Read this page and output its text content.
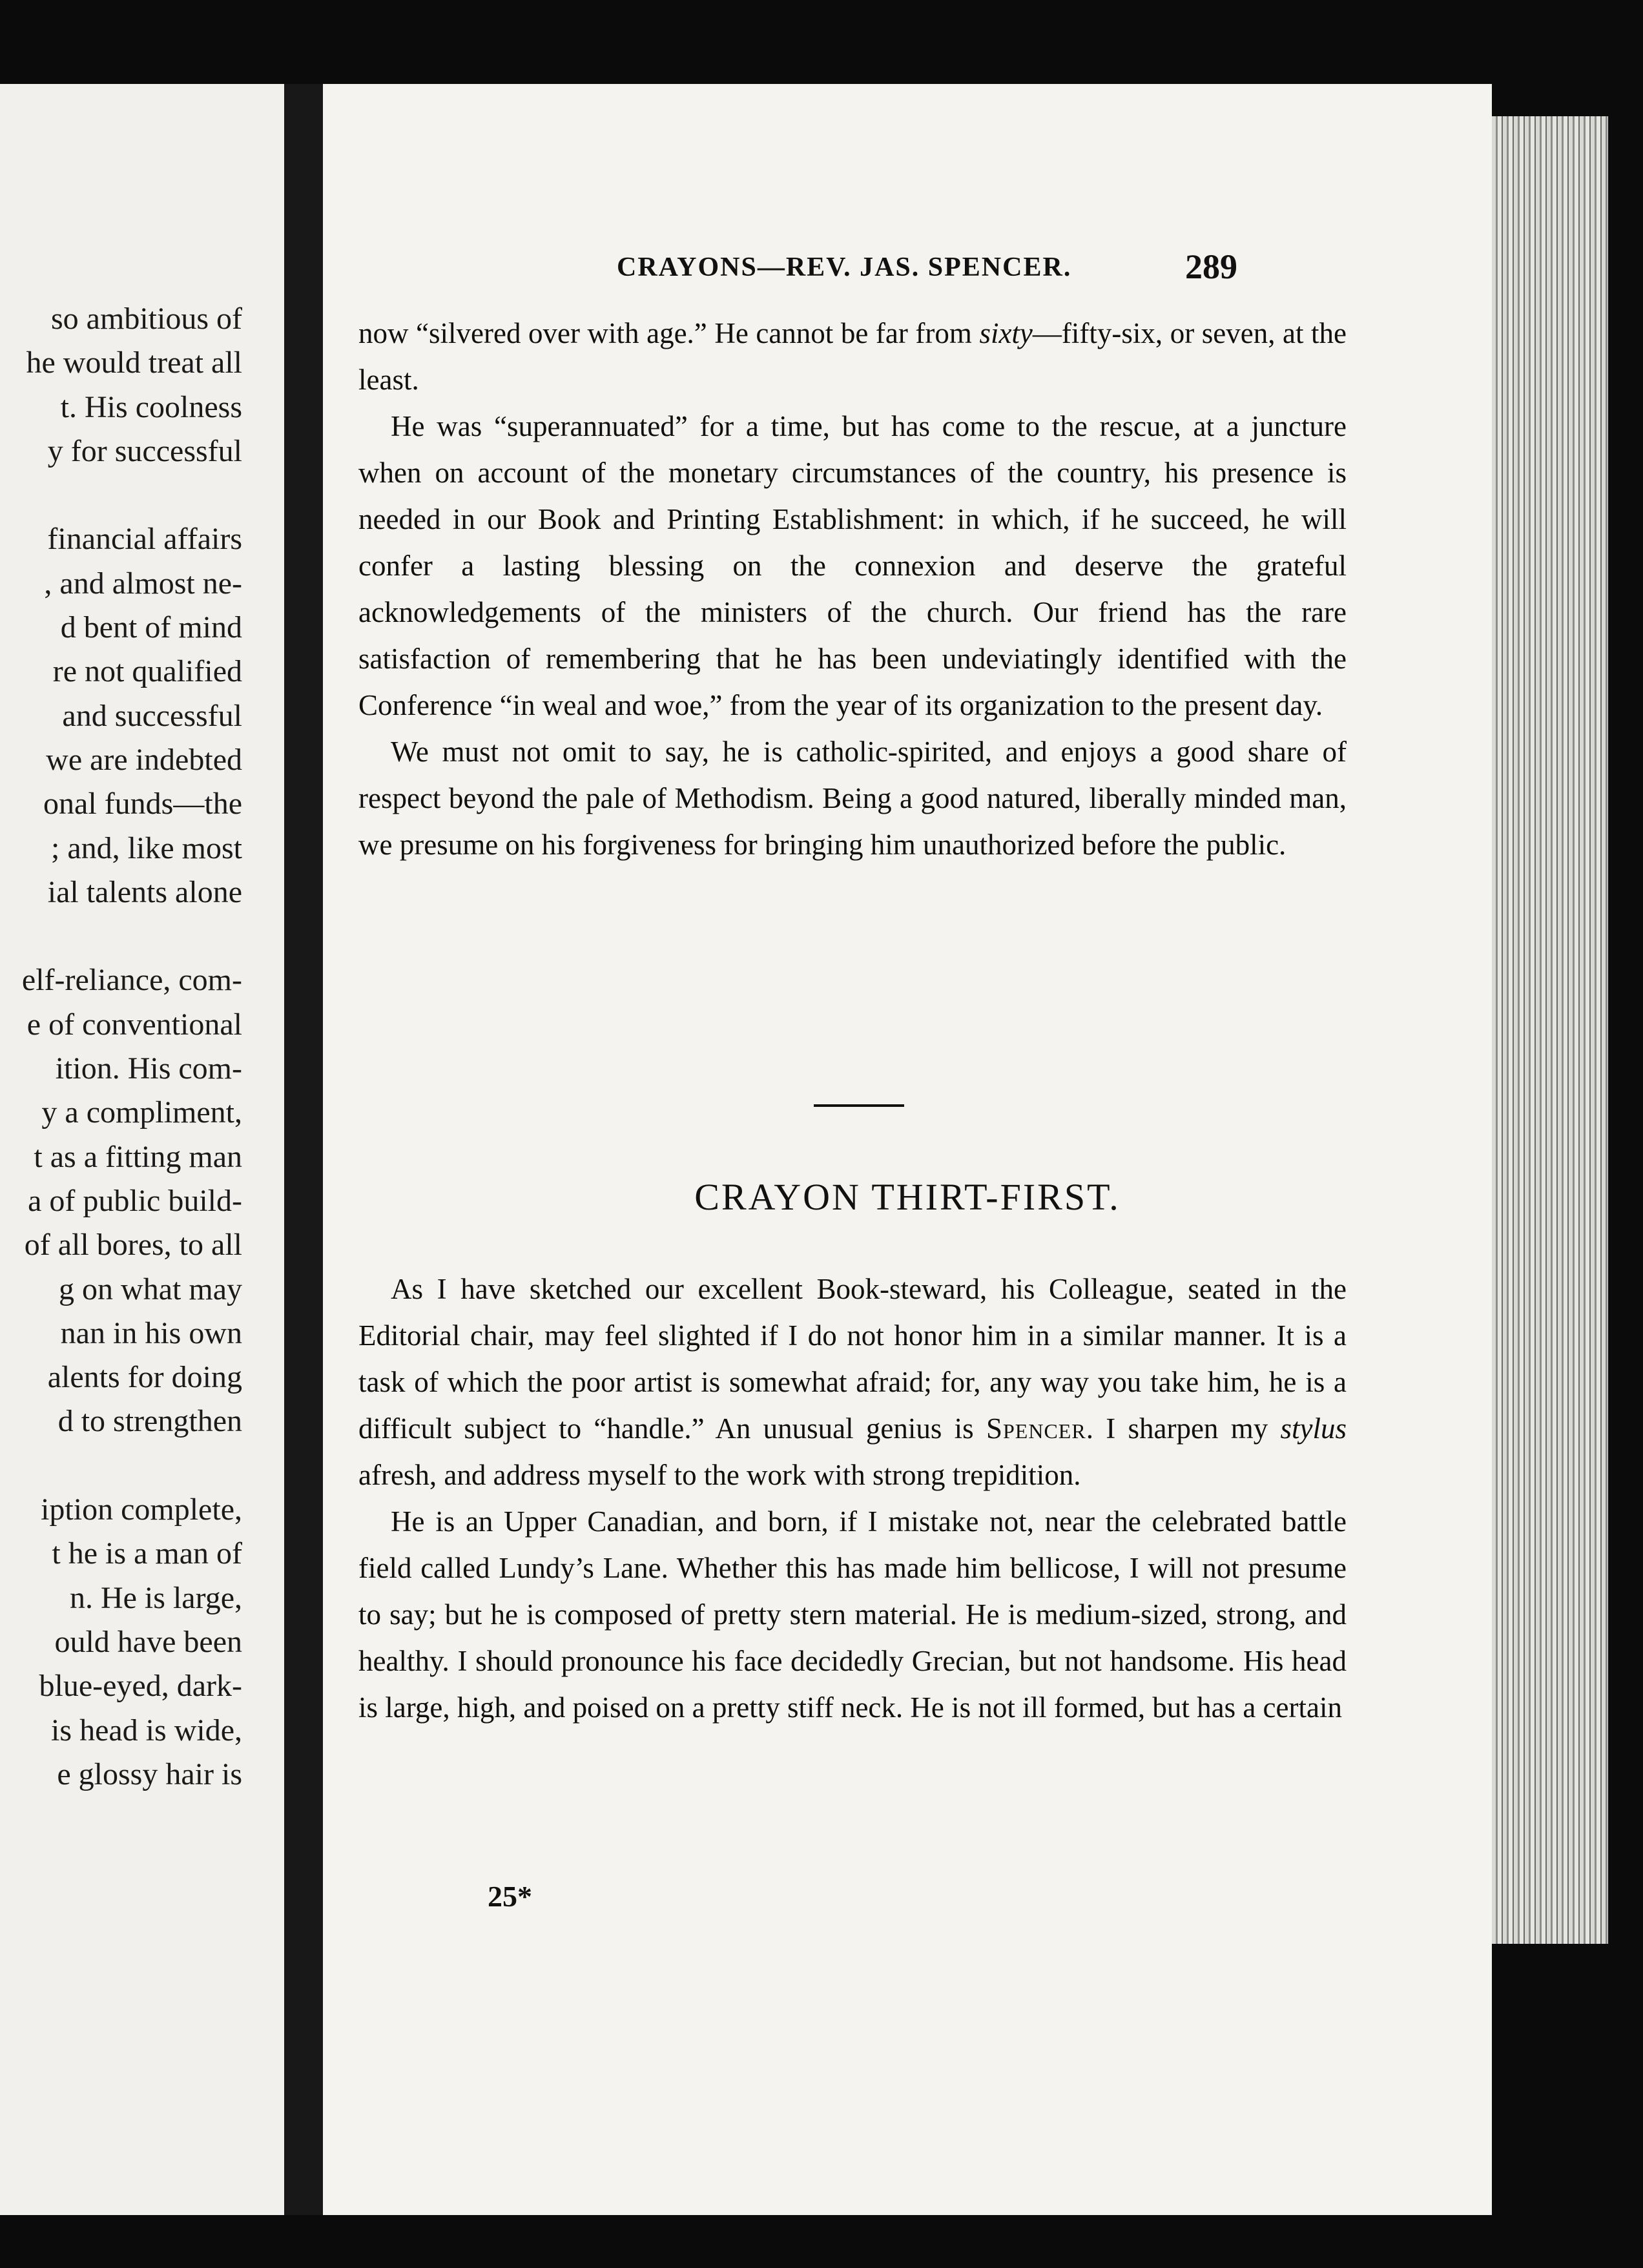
so ambitious of
he would treat all
t. His coolness
y for successful

financial affairs
, and almost ne-
d bent of mind
re not qualified
and successful
we are indebted
onal funds—the
; and, like most
ial talents alone

elf-reliance, com-
e of conventional
ition. His com-
y a compliment,
t as a fitting man
a of public build-
of all bores, to all
g on what may
nan in his own
alents for doing
d to strengthen

iption complete,
t he is a man of
n. He is large,
ould have been
blue-eyed, dark-
is head is wide,
e glossy hair is
CRAYONS—REV. JAS. SPENCER.	289

now “silvered over with age.” He cannot be far from sixty—fifty-six, or seven, at the least.

He was “superannuated” for a time, but has come to the rescue, at a juncture when on account of the monetary circumstances of the country, his presence is needed in our Book and Printing Establishment: in which, if he succeed, he will confer a lasting blessing on the connexion and deserve the grateful acknowledgements of the ministers of the church. Our friend has the rare satisfaction of remembering that he has been undeviatingly identified with the Conference “in weal and woe,” from the year of its organization to the present day.

We must not omit to say, he is catholic-spirited, and enjoys a good share of respect beyond the pale of Methodism. Being a good natured, liberally minded man, we presume on his forgiveness for bringing him unauthorized before the public.

CRAYON THIRT-FIRST.

As I have sketched our excellent Book-steward, his Colleague, seated in the Editorial chair, may feel slighted if I do not honor him in a similar manner. It is a task of which the poor artist is somewhat afraid; for, any way you take him, he is a difficult subject to “handle.” An unusual genius is Spencer. I sharpen my stylus afresh, and address myself to the work with strong trepidition.

He is an Upper Canadian, and born, if I mistake not, near the celebrated battle field called Lundy’s Lane. Whether this has made him bellicose, I will not presume to say; but he is composed of pretty stern material. He is medium-sized, strong, and healthy. I should pronounce his face decidedly Grecian, but not handsome. His head is large, high, and poised on a pretty stiff neck. He is not ill formed, but has a certain

25*
